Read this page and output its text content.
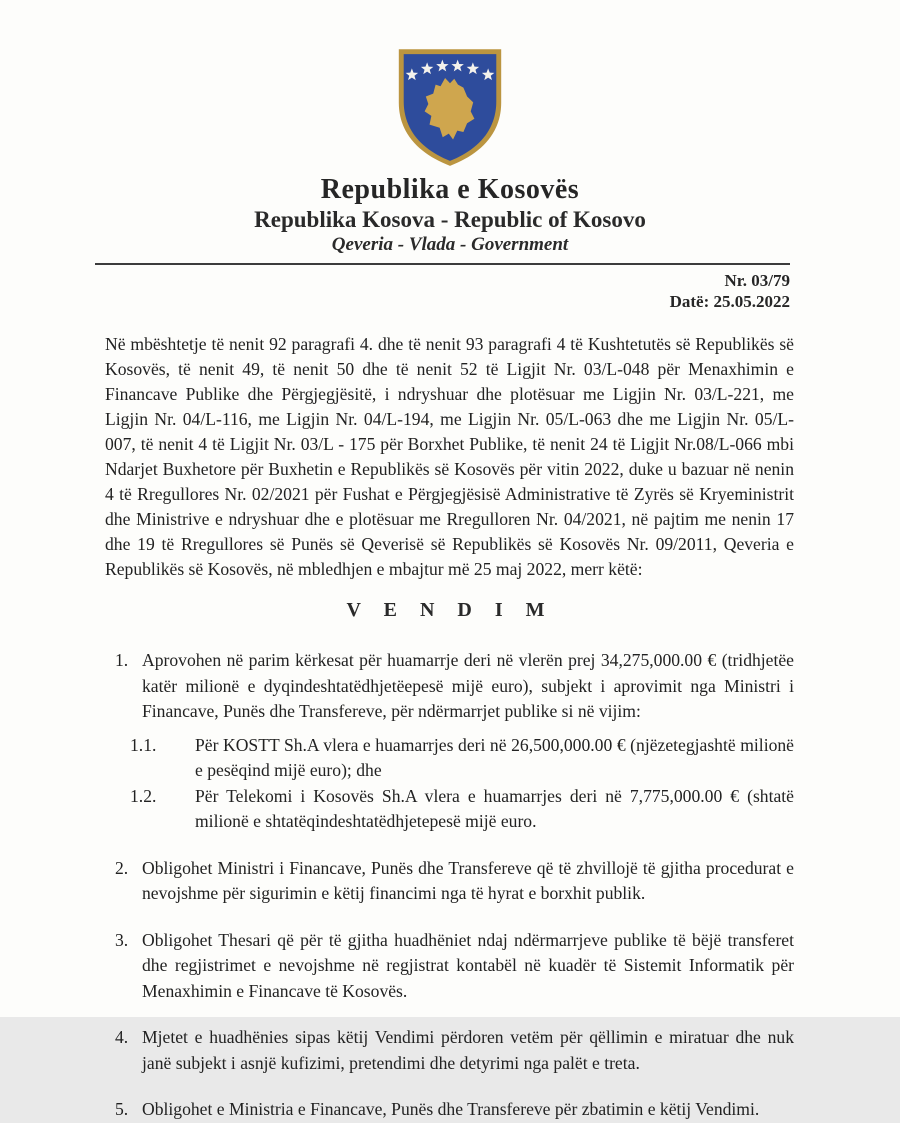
Republika e Kosovës
Republika Kosova - Republic of Kosovo
Qeveria - Vlada - Government
Nr. 03/79
Datë: 25.05.2022
Në mbështetje të nenit 92 paragrafi 4. dhe të nenit 93 paragrafi 4 të Kushtetutës së Republikës së Kosovës, të nenit 49, të nenit 50 dhe të nenit 52 të Ligjit Nr. 03/L-048 për Menaxhimin e Financave Publike dhe Përgjegjësitë, i ndryshuar dhe plotësuar me Ligjin Nr. 03/L-221, me Ligjin Nr. 04/L-116, me Ligjin Nr. 04/L-194, me Ligjin Nr. 05/L-063 dhe me Ligjin Nr. 05/L-007, të nenit 4 të Ligjit Nr. 03/L - 175 për Borxhet Publike, të nenit 24 të Ligjit Nr.08/L-066 mbi Ndarjet Buxhetore për Buxhetin e Republikës së Kosovës për vitin 2022, duke u bazuar në nenin 4 të Rregullores Nr. 02/2021 për Fushat e Përgjegjësisë Administrative të Zyrës së Kryeministrit dhe Ministrive e ndryshuar dhe e plotësuar me Rregulloren Nr. 04/2021, në pajtim me nenin 17 dhe 19 të Rregullores së Punës së Qeverisë së Republikës së Kosovës Nr. 09/2011, Qeveria e Republikës së Kosovës, në mbledhjen e mbajtur më 25 maj 2022, merr këtë:
V E N D I M
1. Aprovohen në parim kërkesat për huamarrje deri në vlerën prej 34,275,000.00 € (tridhjetëe katër milionë e dyqindeshtatëdhjetëepesë mijë euro), subjekt i aprovimit nga Ministri i Financave, Punës dhe Transfereve, për ndërmarrjet publike si në vijim:
1.1.	Për KOSTT Sh.A vlera e huamarrjes deri në 26,500,000.00 € (njëzetegjashtë milionë e pesëqind mijë euro); dhe
1.2.	Për Telekomi i Kosovës Sh.A vlera e huamarrjes deri në 7,775,000.00 € (shtatë milionë e shtatëqindeshtatëdhjetepesë mijë euro.
2. Obligohet Ministri i Financave, Punës dhe Transfereve që të zhvillojë të gjitha procedurat e nevojshme për sigurimin e këtij financimi nga të hyrat e borxhit publik.
3. Obligohet Thesari që për të gjitha huadhëniet ndaj ndërmarrjeve publike të bëjë transferet dhe regjistrimet e nevojshme në regjistrat kontabël në kuadër të Sistemit Informatik për Menaxhimin e Financave të Kosovës.
4. Mjetet e huadhënies sipas këtij Vendimi përdoren vetëm për qëllimin e miratuar dhe nuk janë subjekt i asnjë kufizimi, pretendimi dhe detyrimi nga palët e treta.
5. Obligohet e Ministria e Financave, Punës dhe Transfereve për zbatimin e këtij Vendimi.
